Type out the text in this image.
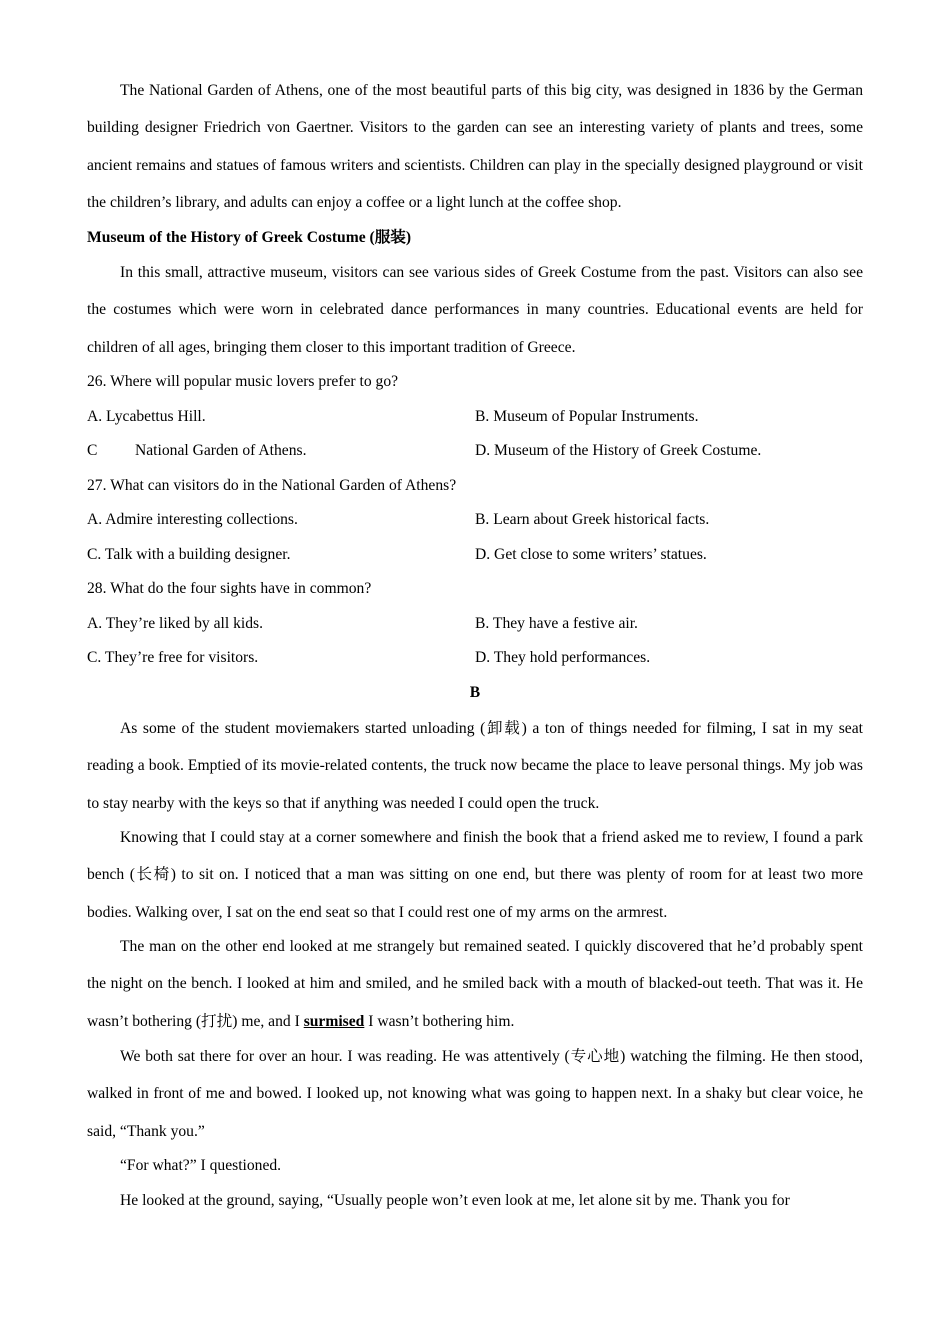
The National Garden of Athens, one of the most beautiful parts of this big city, was designed in 1836 by the German building designer Friedrich von Gaertner. Visitors to the garden can see an interesting variety of plants and trees, some ancient remains and statues of famous writers and scientists. Children can play in the specially designed playground or visit the children’s library, and adults can enjoy a coffee or a light lunch at the coffee shop.

Museum of the History of Greek Costume (服装)

In this small, attractive museum, visitors can see various sides of Greek Costume from the past. Visitors can also see the costumes which were worn in celebrated dance performances in many countries. Educational events are held for children of all ages, bringing them closer to this important tradition of Greece.

26. Where will popular music lovers prefer to go?

A. Lycabettus Hill.	B. Museum of Popular Instruments.

C National Garden of Athens.	D. Museum of the History of Greek Costume.

27. What can visitors do in the National Garden of Athens?

A. Admire interesting collections.	B. Learn about Greek historical facts.

C. Talk with a building designer.	D. Get close to some writers’ statues.

28. What do the four sights have in common?

A. They’re liked by all kids.	B. They have a festive air.

C. They’re free for visitors.	D. They hold performances.

B

As some of the student moviemakers started unloading (卸载) a ton of things needed for filming, I sat in my seat reading a book. Emptied of its movie-related contents, the truck now became the place to leave personal things. My job was to stay nearby with the keys so that if anything was needed I could open the truck.

Knowing that I could stay at a corner somewhere and finish the book that a friend asked me to review, I found a park bench (长椅) to sit on. I noticed that a man was sitting on one end, but there was plenty of room for at least two more bodies. Walking over, I sat on the end seat so that I could rest one of my arms on the armrest.

The man on the other end looked at me strangely but remained seated. I quickly discovered that he’d probably spent the night on the bench. I looked at him and smiled, and he smiled back with a mouth of blacked-out teeth. That was it. He wasn’t bothering (打扰) me, and I surmised I wasn’t bothering him.

We both sat there for over an hour. I was reading. He was attentively (专心地) watching the filming. He then stood, walked in front of me and bowed. I looked up, not knowing what was going to happen next. In a shaky but clear voice, he said, “Thank you.”

“For what?” I questioned.

He looked at the ground, saying, “Usually people won’t even look at me, let alone sit by me. Thank you for
